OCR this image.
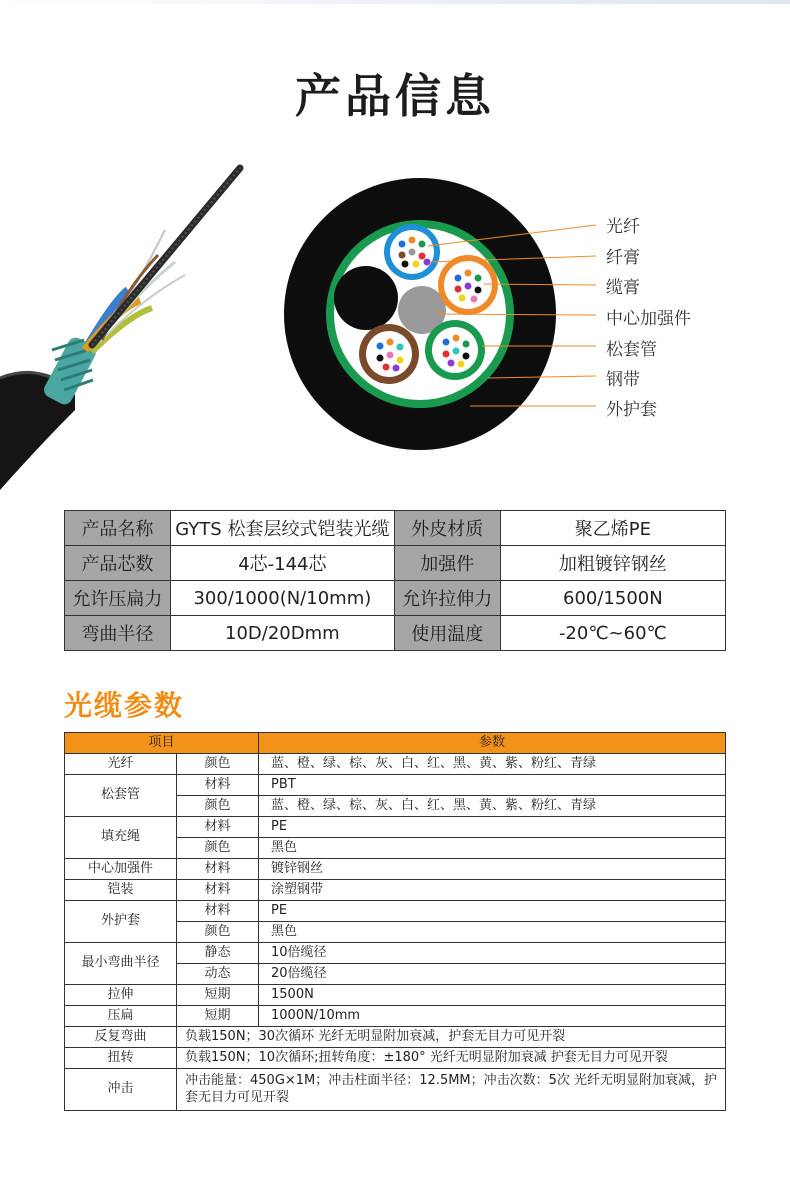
产品信息
光纤
纤膏
缆膏
中心加强件
松套管
钢带
外护套
产品名称	GYTS 松套层绞式铠装光缆	外皮材质	聚乙烯PE
产品芯数	4芯-144芯	加强件	加粗镀锌钢丝
允许压扁力	300/1000(N/10mm)	允许拉伸力	600/1500N
弯曲半径	10D/20Dmm	使用温度	-20℃~60℃
光缆参数
项目		参数
光纤	颜色	蓝、橙、绿、棕、灰、白、红、黑、黄、紫、粉红、青绿
松套管	材料	PBT
	颜色	蓝、橙、绿、棕、灰、白、红、黑、黄、紫、粉红、青绿
填充绳	材料	PE
	颜色	黑色
中心加强件	材料	镀锌钢丝
铠装	材料	涂塑钢带
外护套	材料	PE
	颜色	黑色
最小弯曲半径	静态	10倍缆径
	动态	20倍缆径
拉伸	短期	1500N
压扁	短期	1000N/10mm
反复弯曲	负载150N；30次循环 光纤无明显附加衰减，护套无目力可见开裂	
扭转	负载150N；10次循环;扭转角度：±180° 光纤无明显附加衰减 护套无目力可见开裂	
冲击	冲击能量：450G×1M；冲击柱面半径：12.5MM；冲击次数：5次 光纤无明显附加衰减，护套无目力可见开裂	
